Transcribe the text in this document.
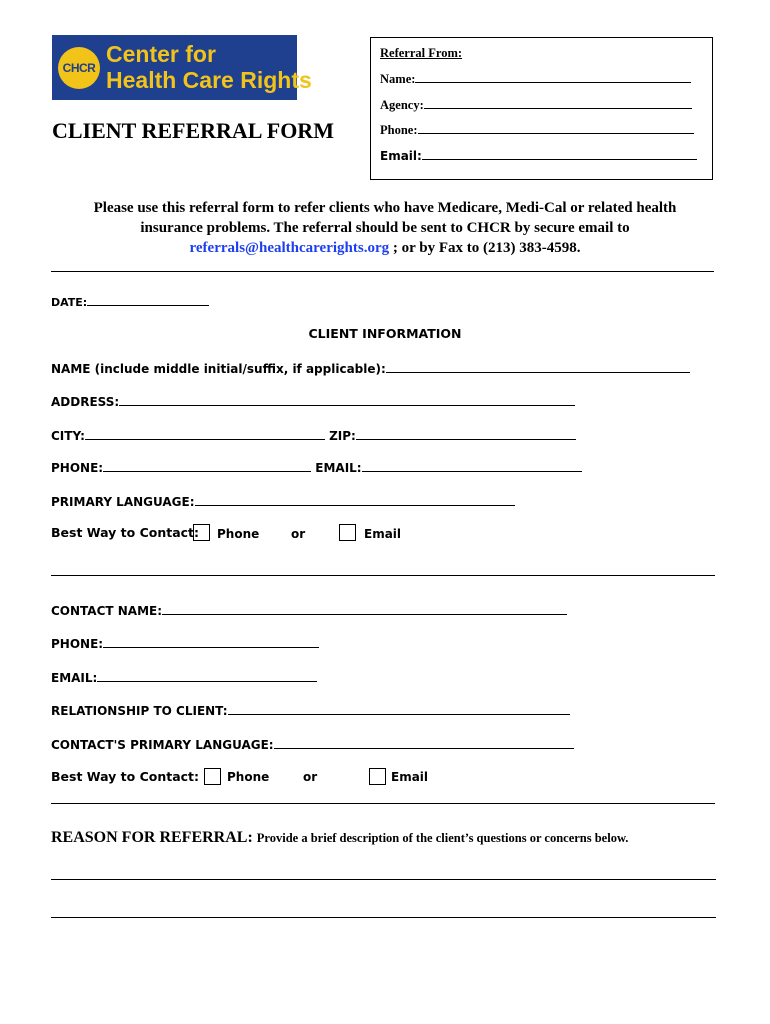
CHCR
Center for
Health Care Rights
CLIENT REFERRAL FORM
Referral From:
Name:
Agency:
Phone:
Email:
Please use this referral form to refer clients who have Medicare, Medi-Cal or related health
insurance problems. The referral should be sent to CHCR by secure email to
referrals@healthcarerights.org ; or by Fax to (213) 383-4598.
DATE:
CLIENT INFORMATION
NAME (include middle initial/suffix, if applicable):
ADDRESS:
CITY:	ZIP:
PHONE:	EMAIL:
PRIMARY LANGUAGE:
Best Way to Contact: Phone	or	Email
CONTACT NAME:
PHONE:
EMAIL:
RELATIONSHIP TO CLIENT:
CONTACT'S PRIMARY LANGUAGE:
Best Way to Contact: Phone	or	Email
REASON FOR REFERRAL: Provide a brief description of the client’s questions or concerns below.
